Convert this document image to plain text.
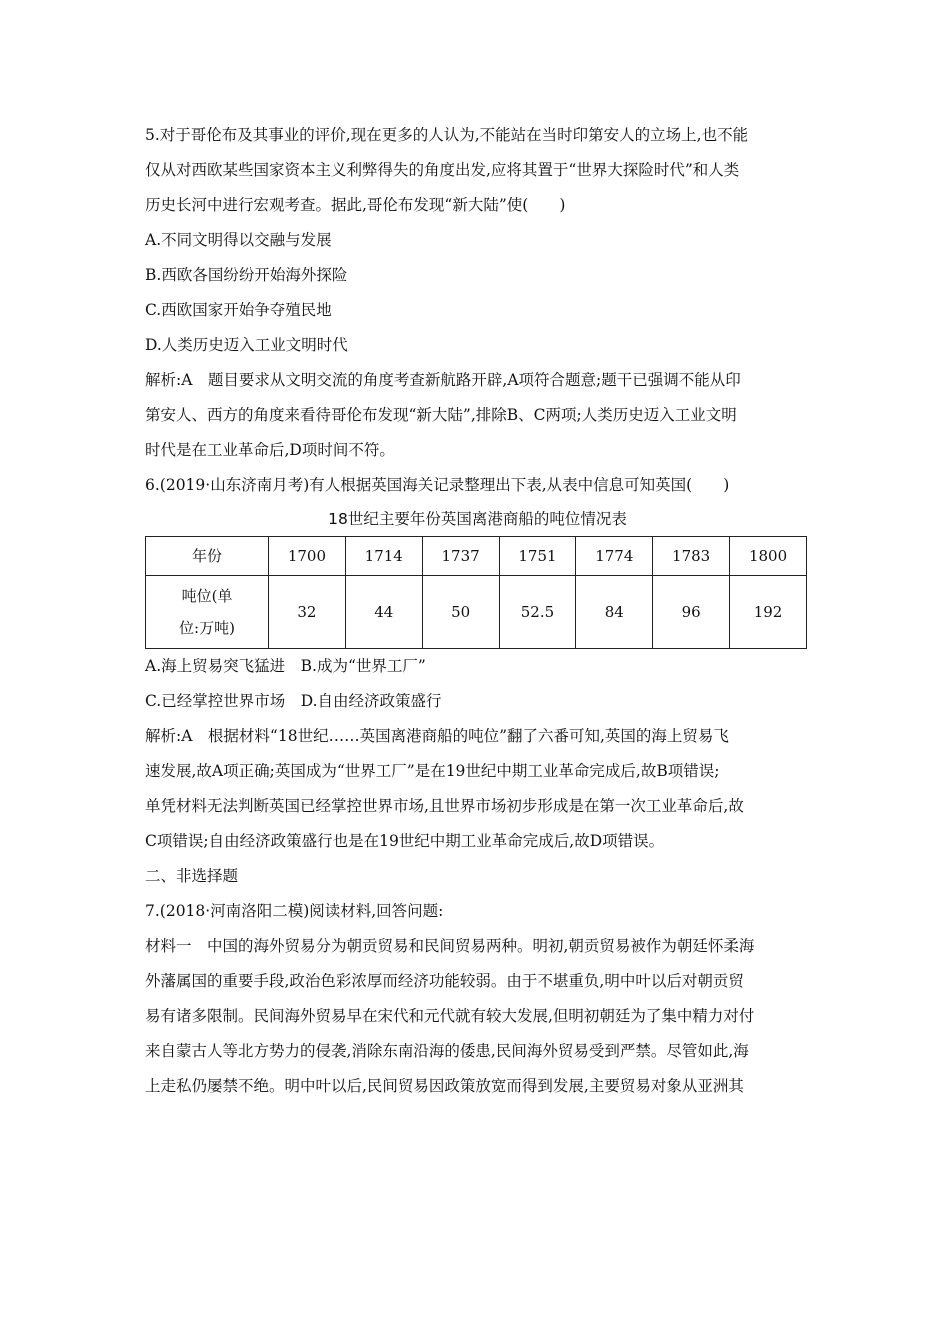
5.对于哥伦布及其事业的评价,现在更多的人认为,不能站在当时印第安人的立场上,也不能
仅从对西欧某些国家资本主义利弊得失的角度出发,应将其置于“世界大探险时代”和人类
历史长河中进行宏观考查。据此,哥伦布发现“新大陆”使(　　)
A.不同文明得以交融与发展
B.西欧各国纷纷开始海外探险
C.西欧国家开始争夺殖民地
D.人类历史迈入工业文明时代
解析:A　题目要求从文明交流的角度考查新航路开辟,A项符合题意;题干已强调不能从印
第安人、西方的角度来看待哥伦布发现“新大陆”,排除B、C两项;人类历史迈入工业文明
时代是在工业革命后,D项时间不符。
6.(2019·山东济南月考)有人根据英国海关记录整理出下表,从表中信息可知英国(　　)
18世纪主要年份英国离港商船的吨位情况表
年份	1700	1714	1737	1751	1774	1783	1800

吨位(单
位:万吨)	32	44	50	52.5	84	96	192
A.海上贸易突飞猛进　B.成为“世界工厂”
C.已经掌控世界市场　D.自由经济政策盛行
解析:A　根据材料“18世纪……英国离港商船的吨位”翻了六番可知,英国的海上贸易飞
速发展,故A项正确;英国成为“世界工厂”是在19世纪中期工业革命完成后,故B项错误;
单凭材料无法判断英国已经掌控世界市场,且世界市场初步形成是在第一次工业革命后,故
C项错误;自由经济政策盛行也是在19世纪中期工业革命完成后,故D项错误。
二、非选择题
7.(2018·河南洛阳二模)阅读材料,回答问题:
材料一　中国的海外贸易分为朝贡贸易和民间贸易两种。明初,朝贡贸易被作为朝廷怀柔海
外藩属国的重要手段,政治色彩浓厚而经济功能较弱。由于不堪重负,明中叶以后对朝贡贸
易有诸多限制。民间海外贸易早在宋代和元代就有较大发展,但明初朝廷为了集中精力对付
来自蒙古人等北方势力的侵袭,消除东南沿海的倭患,民间海外贸易受到严禁。尽管如此,海
上走私仍屡禁不绝。明中叶以后,民间贸易因政策放宽而得到发展,主要贸易对象从亚洲其
